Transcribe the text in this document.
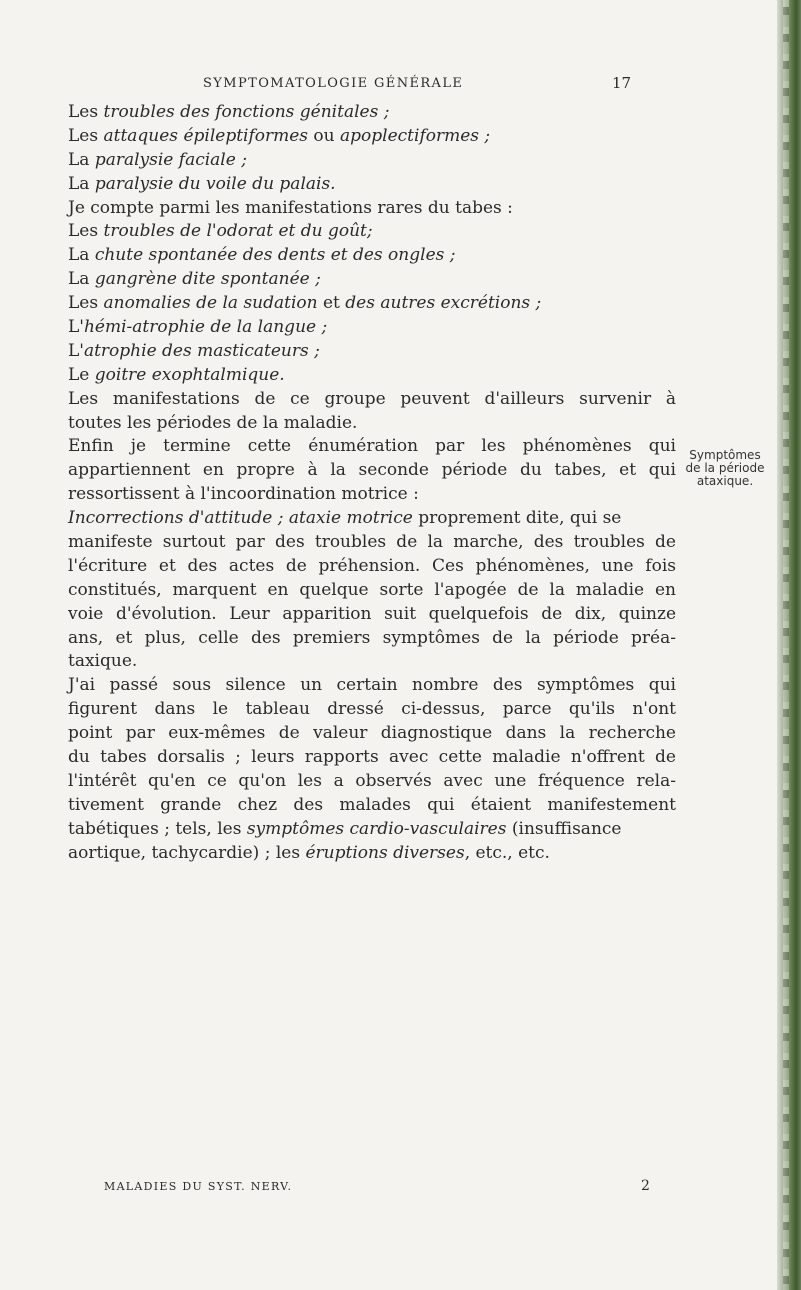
SYMPTOMATOLOGIE GÉNÉRALE	17
Les troubles des fonctions génitales ;
Les attaques épileptiformes ou apoplectiformes ;
La paralysie faciale ;
La paralysie du voile du palais.
Je compte parmi les manifestations rares du tabes :
Les troubles de l'odorat et du goût;
La chute spontanée des dents et des ongles ;
La gangrène dite spontanée ;
Les anomalies de la sudation et des autres excrétions ;
L'hémi-atrophie de la langue ;
L'atrophie des masticateurs ;
Le goitre exophtalmique.
Les manifestations de ce groupe peuvent d'ailleurs survenir à
toutes les périodes de la maladie.
Enfin je termine cette énumération par les phénomènes qui
appartiennent en propre à la seconde période du tabes, et qui
ressortissent à l'incoordination motrice :
Incorrections d'attitude ; ataxie motrice proprement dite, qui se
manifeste surtout par des troubles de la marche, des troubles de
l'écriture et des actes de préhension. Ces phénomènes, une fois
constitués, marquent en quelque sorte l'apogée de la maladie en
voie d'évolution. Leur apparition suit quelquefois de dix, quinze
ans, et plus, celle des premiers symptômes de la période préa-
taxique.
J'ai passé sous silence un certain nombre des symptômes qui
figurent dans le tableau dressé ci-dessus, parce qu'ils n'ont
point par eux-mêmes de valeur diagnostique dans la recherche
du tabes dorsalis ; leurs rapports avec cette maladie n'offrent de
l'intérêt qu'en ce qu'on les a observés avec une fréquence rela-
tivement grande chez des malades qui étaient manifestement
tabétiques ; tels, les symptômes cardio-vasculaires (insuffisance
aortique, tachycardie) ; les éruptions diverses, etc., etc.
Symptômes
de la période
ataxique.
MALADIES DU SYST. NERV.	2
